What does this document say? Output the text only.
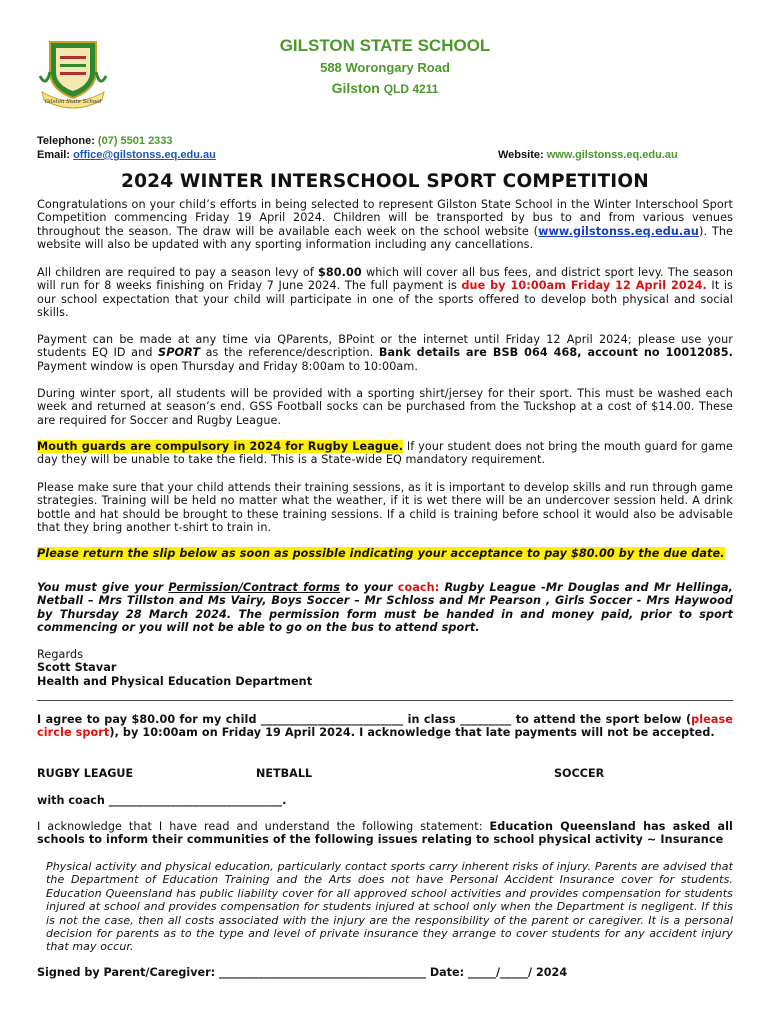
Gilston State School
GILSTON STATE SCHOOL
588 Worongary Road
Gilston QLD 4211
Telephone: (07) 5501 2333
Email: office@gilstonss.eq.edu.au	Website: www.gilstonss.eq.edu.au
2024 WINTER INTERSCHOOL SPORT COMPETITION

Congratulations on your child’s efforts in being selected to represent Gilston State School in the Winter Interschool Sport Competition commencing Friday 19 April 2024. Children will be transported by bus to and from various venues throughout the season. The draw will be available each week on the school website (www.gilstonss.eq.edu.au). The website will also be updated with any sporting information including any cancellations.

All children are required to pay a season levy of $80.00 which will cover all bus fees, and district sport levy. The season will run for 8 weeks finishing on Friday 7 June 2024. The full payment is due by 10:00am Friday 12 April 2024. It is our school expectation that your child will participate in one of the sports offered to develop both physical and social skills.

Payment can be made at any time via QParents, BPoint or the internet until Friday 12 April 2024; please use your students EQ ID and SPORT as the reference/description. Bank details are BSB 064 468, account no 10012085. Payment window is open Thursday and Friday 8:00am to 10:00am.

During winter sport, all students will be provided with a sporting shirt/jersey for their sport. This must be washed each week and returned at season’s end. GSS Football socks can be purchased from the Tuckshop at a cost of $14.00. These are required for Soccer and Rugby League.

Mouth guards are compulsory in 2024 for Rugby League. If your student does not bring the mouth guard for game day they will be unable to take the field. This is a State-wide EQ mandatory requirement.

Please make sure that your child attends their training sessions, as it is important to develop skills and run through game strategies. Training will be held no matter what the weather, if it is wet there will be an undercover session held. A drink bottle and hat should be brought to these training sessions. If a child is training before school it would also be advisable that they bring another t-shirt to train in.

Please return the slip below as soon as possible indicating your acceptance to pay $80.00 by the due date.

You must give your Permission/Contract forms to your coach: Rugby League -Mr Douglas and Mr Hellinga, Netball – Mrs Tillston and Ms Vairy, Boys Soccer – Mr Schloss and Mr Pearson , Girls Soccer - Mrs Haywood by Thursday 28 March 2024. The permission form must be handed in and money paid, prior to sport commencing or you will not be able to go on the bus to attend sport.

Regards

Scott Stavar

Health and Physical Education Department

I agree to pay $80.00 for my child _________________________ in class _________ to attend the sport below (please circle sport), by 10:00am on Friday 19 April 2024. I acknowledge that late payments will not be accepted.

RUGBY LEAGUE	NETBALL	SOCCER
with coach _______________________________.

I acknowledge that I have read and understand the following statement: Education Queensland has asked all schools to inform their communities of the following issues relating to school physical activity ~ Insurance

Physical activity and physical education, particularly contact sports carry inherent risks of injury. Parents are advised that the Department of Education Training and the Arts does not have Personal Accident Insurance cover for students. Education Queensland has public liability cover for all approved school activities and provides compensation for students injured at school and provides compensation for students injured at school only when the Department is negligent. If this is not the case, then all costs associated with the injury are the responsibility of the parent or caregiver. It is a personal decision for parents as to the type and level of private insurance they arrange to cover students for any accident injury that may occur.

Signed by Parent/Caregiver: _____________________________________ Date: _____/_____/ 2024
